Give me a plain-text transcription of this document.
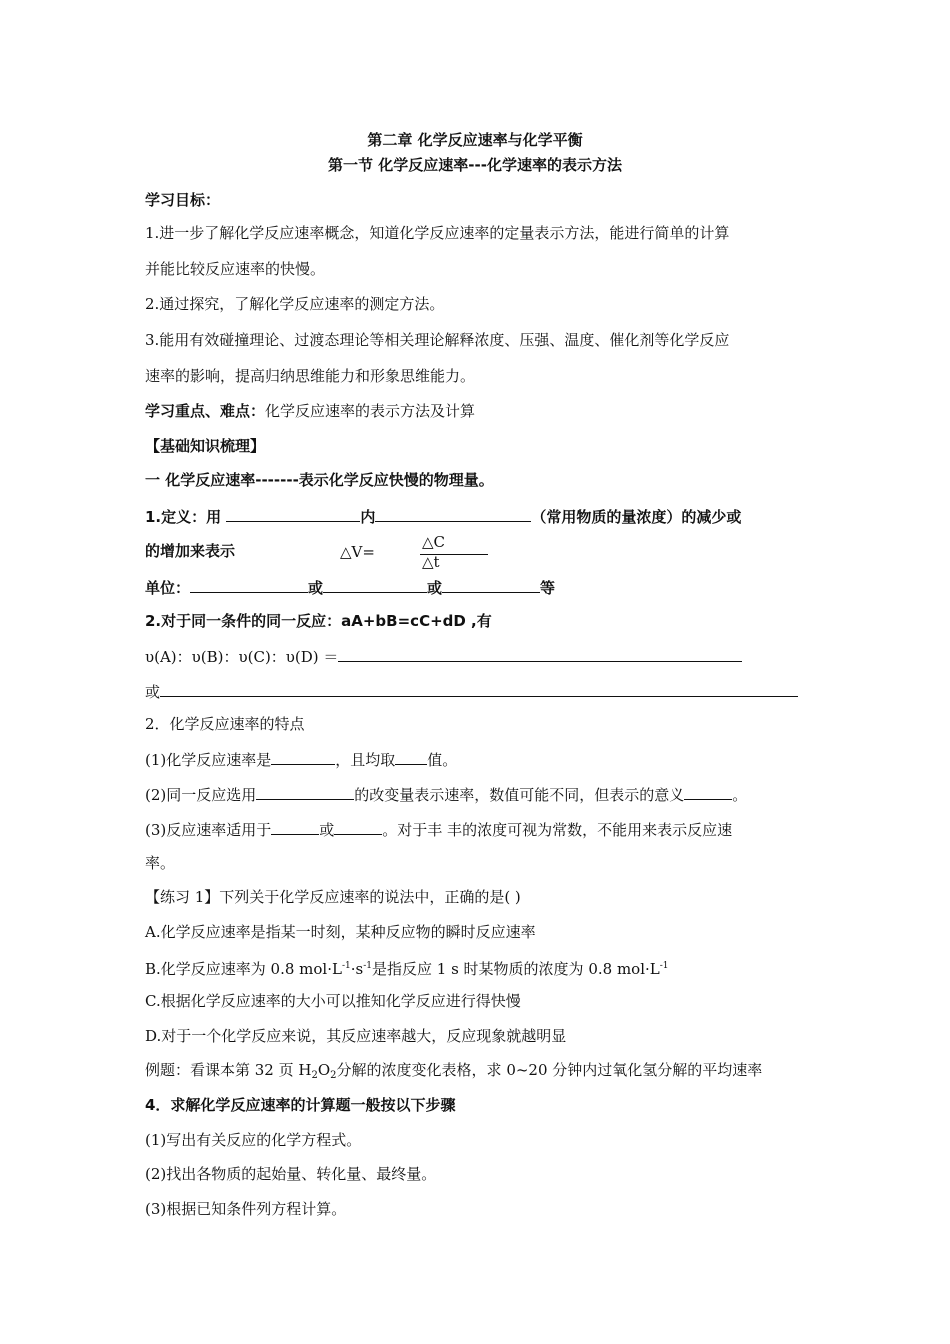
第二章 化学反应速率与化学平衡
第一节 化学反应速率---化学速率的表示方法
学习目标：
1.进一步了解化学反应速率概念，知道化学反应速率的定量表示方法，能进行简单的计算
并能比较反应速率的快慢。
2.通过探究，了解化学反应速率的测定方法。
3.能用有效碰撞理论、过渡态理论等相关理论解释浓度、压强、温度、催化剂等化学反应
速率的影响，提高归纳思维能力和形象思维能力。
学习重点、难点：化学反应速率的表示方法及计算
【基础知识梳理】
一 化学反应速率-------表示化学反应快慢的物理量。
1.定义：用	内	（常用物质的量浓度）的减少或
的增加来表示	△V=
△C
△t
单位：	或	或	等
2.对于同一条件的同一反应：aA+bB=cC+dD ,有
υ(A)：υ(B)：υ(C)：υ(D) ＝
或
2．化学反应速率的特点
(1)化学反应速率是	，且均取 值。
(2)同一反应选用	的改变量表示速率，数值可能不同，但表示的意义	。
(3)反应速率适用于	或	。对于丰 丰的浓度可视为常数，不能用来表示反应速
率。
【练习 1】下列关于化学反应速率的说法中，正确的是( )
A.化学反应速率是指某一时刻，某种反应物的瞬时反应速率
B.化学反应速率为 0.8 $mol\cdot L^{-1}\cdot s^{-1}$是指反应 1 s 时某物质的浓度为 0.8 $mol\cdot L^{-1}$
C.根据化学反应速率的大小可以推知化学反应进行得快慢
D.对于一个化学反应来说，其反应速率越大，反应现象就越明显
例题：看课本第 32 页 $H_2O_2$分解的浓度变化表格，求 0~20 分钟内过氧化氢分解的平均速率
4．求解化学反应速率的计算题一般按以下步骤
(1)写出有关反应的化学方程式。
(2)找出各物质的起始量、转化量、最终量。
(3)根据已知条件列方程计算。
